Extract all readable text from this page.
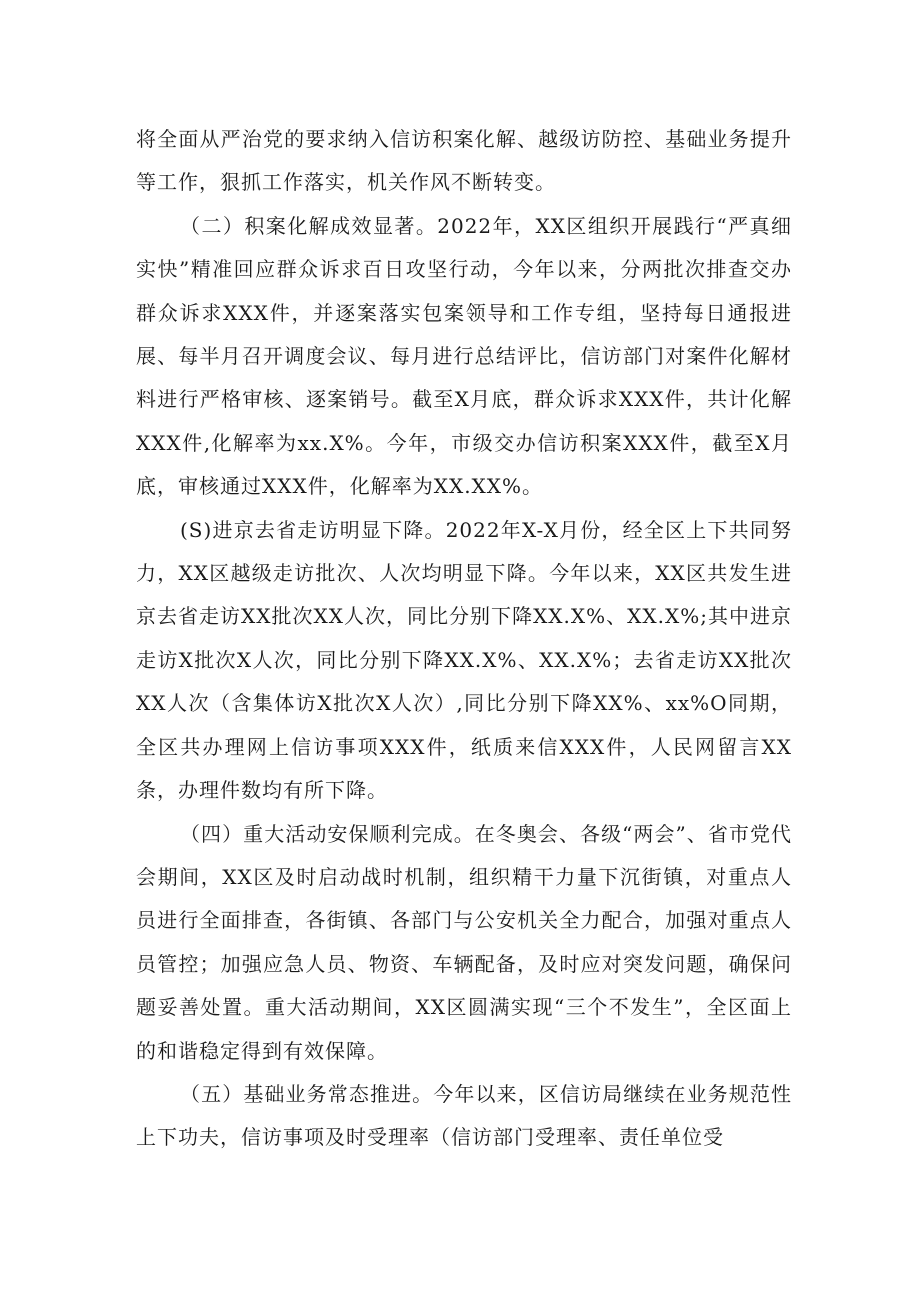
将全面从严治党的要求纳入信访积案化解、越级访防控、基础业务提升等工作，狠抓工作落实，机关作风不断转变。

（二）积案化解成效显著。2022年，XX区组织开展践行“严真细实快”精准回应群众诉求百日攻坚行动，今年以来，分两批次排查交办群众诉求XXX件，并逐案落实包案领导和工作专组，坚持每日通报进展、每半月召开调度会议、每月进行总结评比，信访部门对案件化解材料进行严格审核、逐案销号。截至X月底，群众诉求XXX件，共计化解XXX件,化解率为xx.X%。今年，市级交办信访积案XXX件，截至X月底，审核通过XXX件，化解率为XX.XX%。

(S)进京去省走访明显下降。2022年X-X月份，经全区上下共同努力，XX区越级走访批次、人次均明显下降。今年以来，XX区共发生进京去省走访XX批次XX人次，同比分别下降XX.X%、XX.X%;其中进京走访X批次X人次，同比分别下降XX.X%、XX.X%；去省走访XX批次XX人次（含集体访X批次X人次）,同比分别下降XX%、xx%O同期，全区共办理网上信访事项XXX件，纸质来信XXX件，人民网留言XX条，办理件数均有所下降。

（四）重大活动安保顺利完成。在冬奥会、各级“两会”、省市党代会期间，XX区及时启动战时机制，组织精干力量下沉街镇，对重点人员进行全面排查，各街镇、各部门与公安机关全力配合，加强对重点人员管控；加强应急人员、物资、车辆配备，及时应对突发问题，确保问题妥善处置。重大活动期间，XX区圆满实现“三个不发生”，全区面上的和谐稳定得到有效保障。

（五）基础业务常态推进。今年以来，区信访局继续在业务规范性上下功夫，信访事项及时受理率（信访部门受理率、责任单位受
